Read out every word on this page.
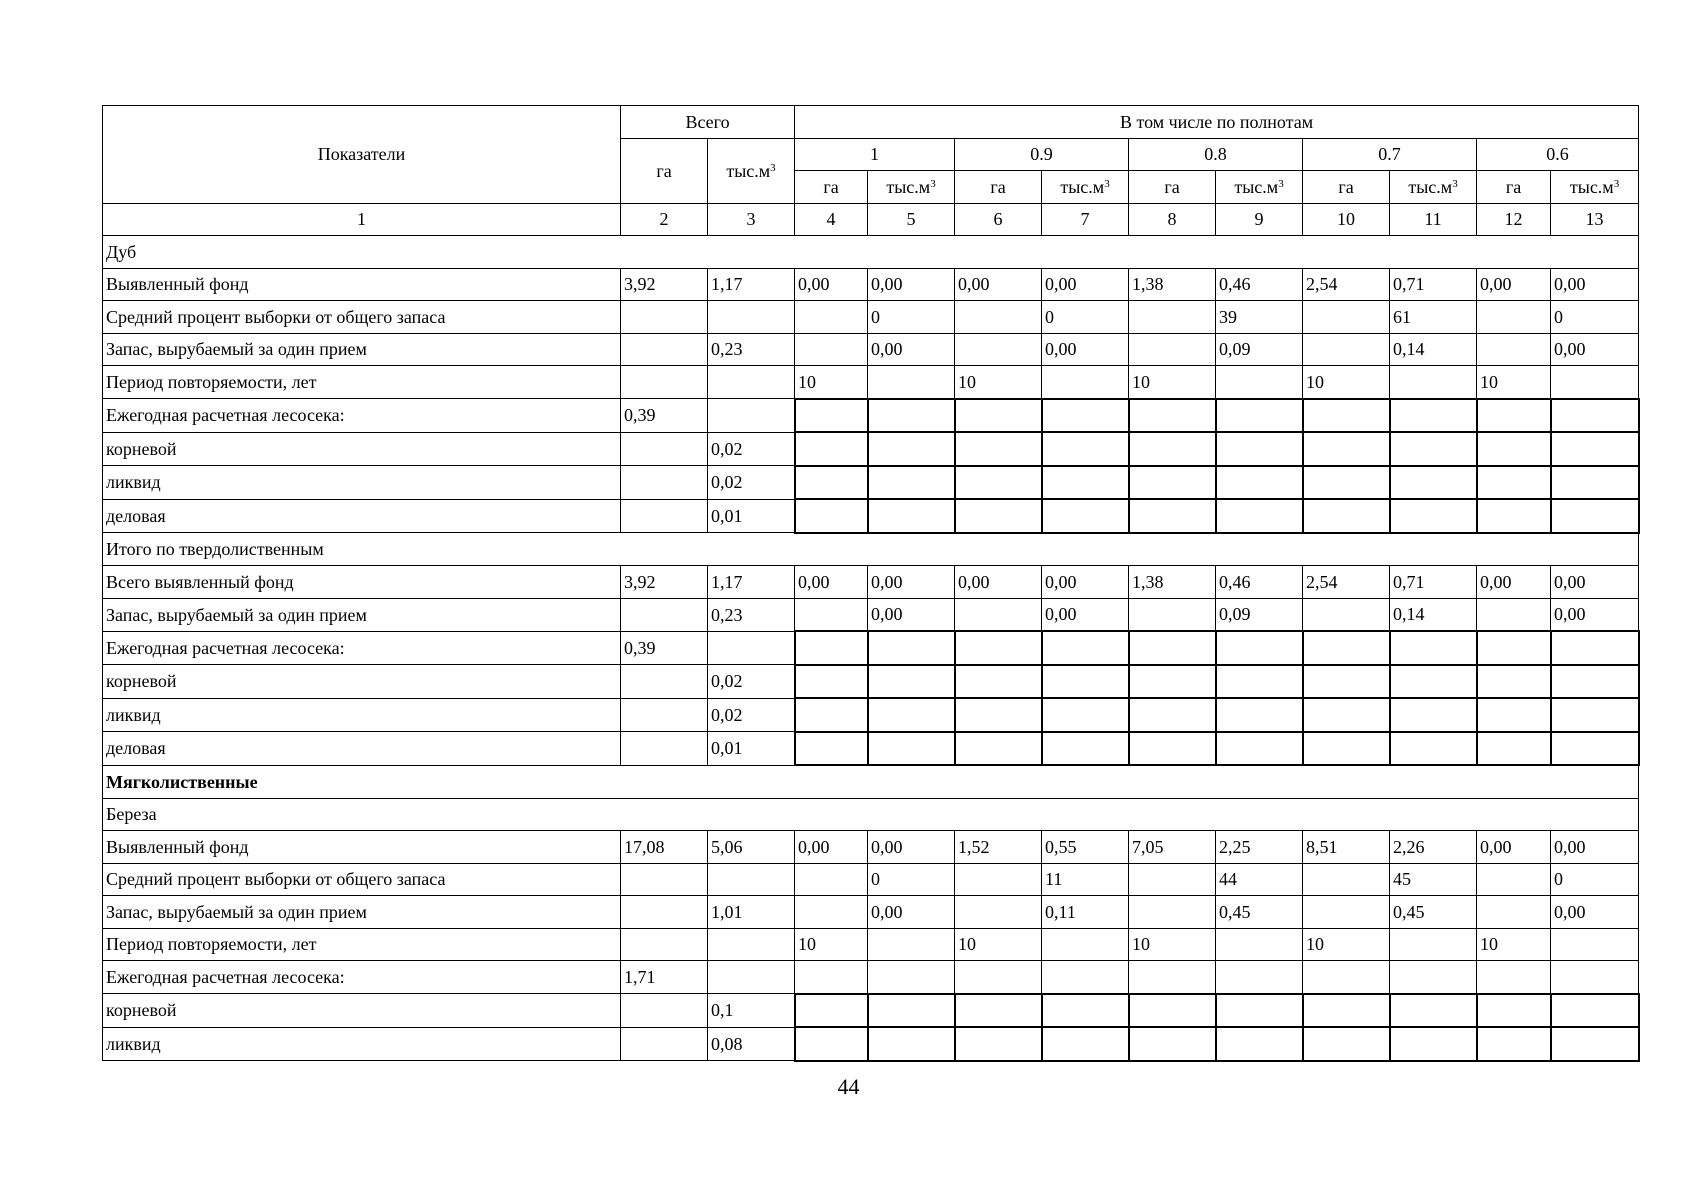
Показатели	Всего		В том числе по полнотам									
	га	$тыс.м^3$	1		0.9		0.8		0.7		0.6	
			га	$тыс.м^3$	га	$тыс.м^3$	га	$тыс.м^3$	га	$тыс.м^3$	га	$тыс.м^3$
1	2	3	4	5	6	7	8	9	10	11	12	13
Дуб												
Выявленный фонд	3,92	1,17	0,00	0,00	0,00	0,00	1,38	0,46	2,54	0,71	0,00	0,00
Средний процент выборки от общего запаса				0		0		39		61		0
Запас, вырубаемый за один прием		0,23		0,00		0,00		0,09		0,14		0,00
Период повторяемости, лет			10		10		10		10		10	
Ежегодная расчетная лесосека:	0,39											
корневой		0,02										
ликвид		0,02										
деловая		0,01										
Итого по твердолиственным												
Всего выявленный фонд	3,92	1,17	0,00	0,00	0,00	0,00	1,38	0,46	2,54	0,71	0,00	0,00
Запас, вырубаемый за один прием		0,23		0,00		0,00		0,09		0,14		0,00
Ежегодная расчетная лесосека:	0,39											
корневой		0,02										
ликвид		0,02										
деловая		0,01										
Мягколиственные												
Береза												
Выявленный фонд	17,08	5,06	0,00	0,00	1,52	0,55	7,05	2,25	8,51	2,26	0,00	0,00
Средний процент выборки от общего запаса				0		11		44		45		0
Запас, вырубаемый за один прием		1,01		0,00		0,11		0,45		0,45		0,00
Период повторяемости, лет			10		10		10		10		10	
Ежегодная расчетная лесосека:	1,71											
корневой		0,1										
ликвид		0,08										
44
